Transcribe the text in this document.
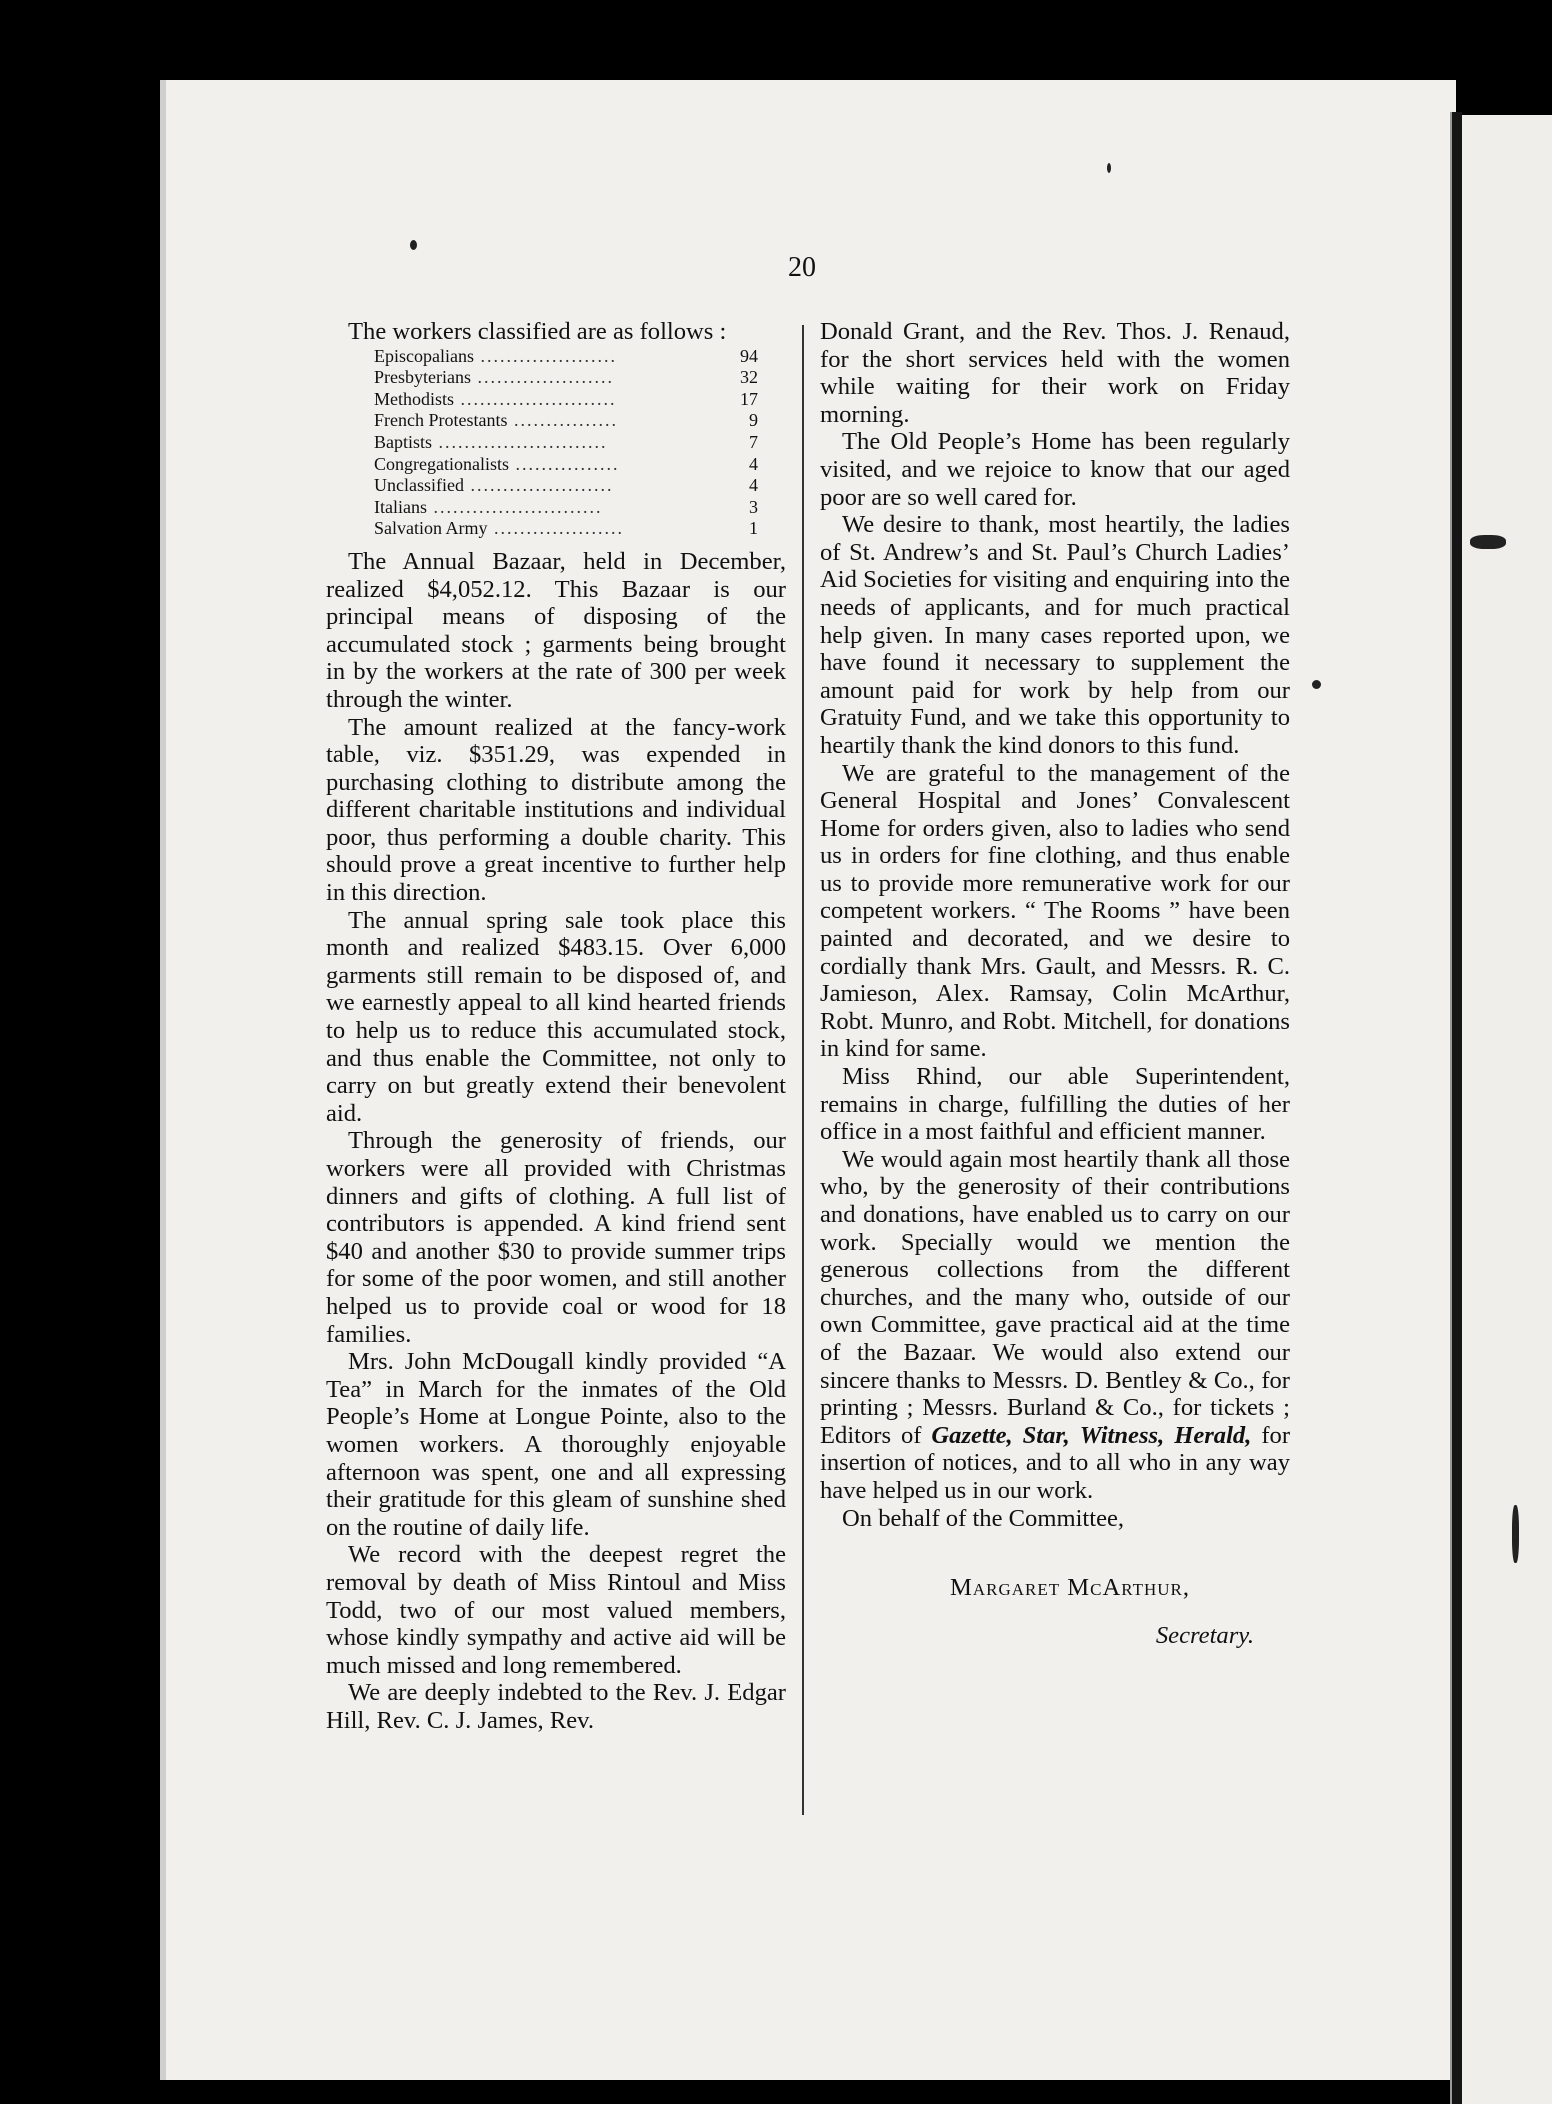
20

The workers classified are as follows :

Episcopalians .....................	94
Presbyterians .....................	32
Methodists ........................	17
French Protestants ................	9
Baptists ..........................	7
Congregationalists ................	4
Unclassified ......................	4
Italians ..........................	3
Salvation Army ....................	1

The Annual Bazaar, held in December, realized $4,052.12. This Bazaar is our principal means of disposing of the accumulated stock ; garments being brought in by the workers at the rate of 300 per week through the winter.

The amount realized at the fancy-work table, viz. $351.29, was expended in purchasing clothing to distribute among the different charitable institutions and individual poor, thus performing a double charity. This should prove a great incentive to further help in this direction.

The annual spring sale took place this month and realized $483.15. Over 6,000 garments still remain to be disposed of, and we earnestly appeal to all kind hearted friends to help us to reduce this accumulated stock, and thus enable the Committee, not only to carry on but greatly extend their benevolent aid.

Through the generosity of friends, our workers were all provided with Christmas dinners and gifts of clothing. A full list of contributors is appended. A kind friend sent $40 and another $30 to provide summer trips for some of the poor women, and still another helped us to provide coal or wood for 18 families.

Mrs. John McDougall kindly provided “A Tea” in March for the inmates of the Old People’s Home at Longue Pointe, also to the women workers. A thoroughly enjoyable afternoon was spent, one and all expressing their gratitude for this gleam of sunshine shed on the routine of daily life.

We record with the deepest regret the removal by death of Miss Rintoul and Miss Todd, two of our most valued members, whose kindly sympathy and active aid will be much missed and long remembered.

We are deeply indebted to the Rev. J. Edgar Hill, Rev. C. J. James, Rev.

Donald Grant, and the Rev. Thos. J. Renaud, for the short services held with the women while waiting for their work on Friday morning.

The Old People’s Home has been regularly visited, and we rejoice to know that our aged poor are so well cared for.

We desire to thank, most heartily, the ladies of St. Andrew’s and St. Paul’s Church Ladies’ Aid Societies for visiting and enquiring into the needs of applicants, and for much practical help given. In many cases reported upon, we have found it necessary to supplement the amount paid for work by help from our Gratuity Fund, and we take this opportunity to heartily thank the kind donors to this fund.

We are grateful to the management of the General Hospital and Jones’ Convalescent Home for orders given, also to ladies who send us in orders for fine clothing, and thus enable us to provide more remunerative work for our competent workers. “ The Rooms ” have been painted and decorated, and we desire to cordially thank Mrs. Gault, and Messrs. R. C. Jamieson, Alex. Ramsay, Colin McArthur, Robt. Munro, and Robt. Mitchell, for donations in kind for same.

Miss Rhind, our able Superintendent, remains in charge, fulfilling the duties of her office in a most faithful and efficient manner.

We would again most heartily thank all those who, by the generosity of their contributions and donations, have enabled us to carry on our work. Specially would we mention the generous collections from the different churches, and the many who, outside of our own Committee, gave practical aid at the time of the Bazaar. We would also extend our sincere thanks to Messrs. D. Bentley & Co., for printing ; Messrs. Burland & Co., for tickets ; Editors of Gazette, Star, Witness, Herald, for insertion of notices, and to all who in any way have helped us in our work.

On behalf of the Committee,

Margaret McArthur,
Secretary.
